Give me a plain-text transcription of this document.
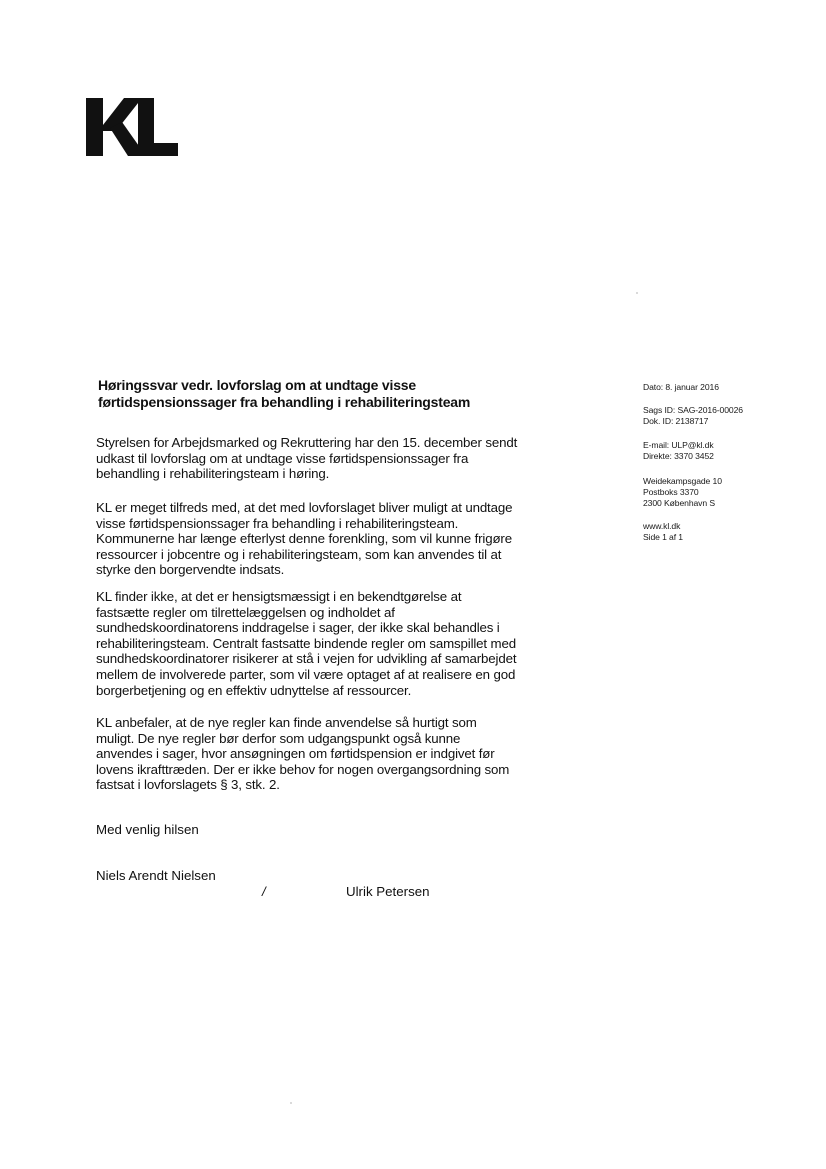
Høringssvar vedr. lovforslag om at undtage visse
førtidspensionssager fra behandling i rehabiliteringsteam
Styrelsen for Arbejdsmarked og Rekruttering har den 15. december sendt
udkast til lovforslag om at undtage visse førtidspensionssager fra
behandling i rehabiliteringsteam i høring.
KL er meget tilfreds med, at det med lovforslaget bliver muligt at undtage
visse førtidspensionssager fra behandling i rehabiliteringsteam.
Kommunerne har længe efterlyst denne forenkling, som vil kunne frigøre
ressourcer i jobcentre og i rehabiliteringsteam, som kan anvendes til at
styrke den borgervendte indsats.
KL finder ikke, at det er hensigtsmæssigt i en bekendtgørelse at
fastsætte regler om tilrettelæggelsen og indholdet af
sundhedskoordinatorens inddragelse i sager, der ikke skal behandles i
rehabiliteringsteam. Centralt fastsatte bindende regler om samspillet med
sundhedskoordinatorer risikerer at stå i vejen for udvikling af samarbejdet
mellem de involverede parter, som vil være optaget af at realisere en god
borgerbetjening og en effektiv udnyttelse af ressourcer.
KL anbefaler, at de nye regler kan finde anvendelse så hurtigt som
muligt. De nye regler bør derfor som udgangspunkt også kunne
anvendes i sager, hvor ansøgningen om førtidspension er indgivet før
lovens ikrafttræden. Der er ikke behov for nogen overgangsordning som
fastsat i lovforslagets § 3, stk. 2.
Med venlig hilsen
Niels Arendt Nielsen
/	Ulrik Petersen
Dato: 8. januar 2016
Sags ID: SAG-2016-00026
Dok. ID: 2138717
E-mail: ULP@kl.dk
Direkte: 3370 3452
Weidekampsgade 10
Postboks 3370
2300 København S
www.kl.dk
Side 1 af 1
